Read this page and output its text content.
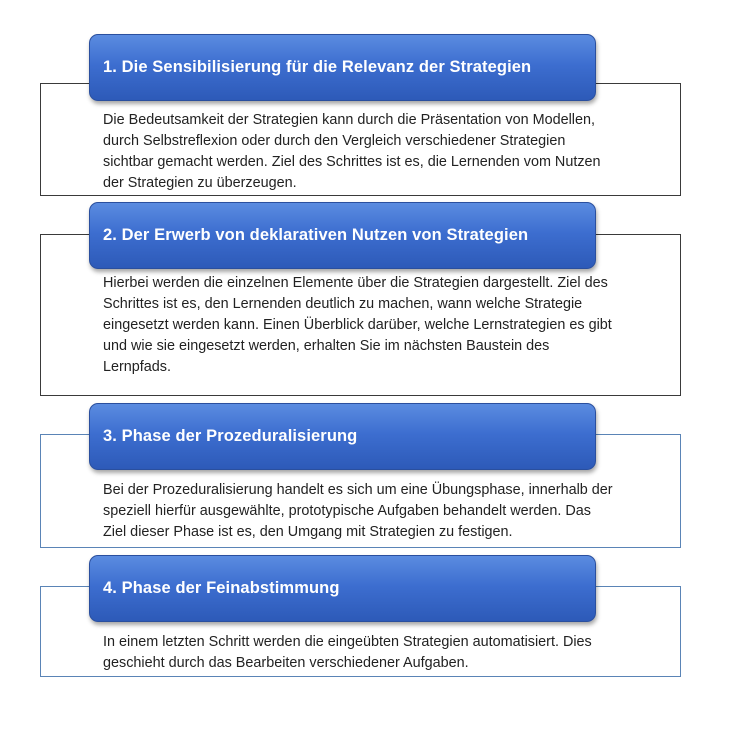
Die Bedeutsamkeit der Strategien kann durch die Präsentation von Modellen,
durch Selbstreflexion oder durch den Vergleich verschiedener Strategien
sichtbar gemacht werden. Ziel des Schrittes ist es, die Lernenden vom Nutzen
der Strategien zu überzeugen.
Hierbei werden die einzelnen Elemente über die Strategien dargestellt. Ziel des
Schrittes ist es, den Lernenden deutlich zu machen, wann welche Strategie
eingesetzt werden kann. Einen Überblick darüber, welche Lernstrategien es gibt
und wie sie eingesetzt werden, erhalten Sie im nächsten Baustein des
Lernpfads.
Bei der Prozeduralisierung handelt es sich um eine Übungsphase, innerhalb der
speziell hierfür ausgewählte, prototypische Aufgaben behandelt werden. Das
Ziel dieser Phase ist es, den Umgang mit Strategien zu festigen.
In einem letzten Schritt werden die eingeübten Strategien automatisiert. Dies
geschieht durch das Bearbeiten verschiedener Aufgaben.
1. Die Sensibilisierung für die Relevanz der Strategien
2. Der Erwerb von deklarativen Nutzen von Strategien
3. Phase der Prozeduralisierung
4. Phase der Feinabstimmung
